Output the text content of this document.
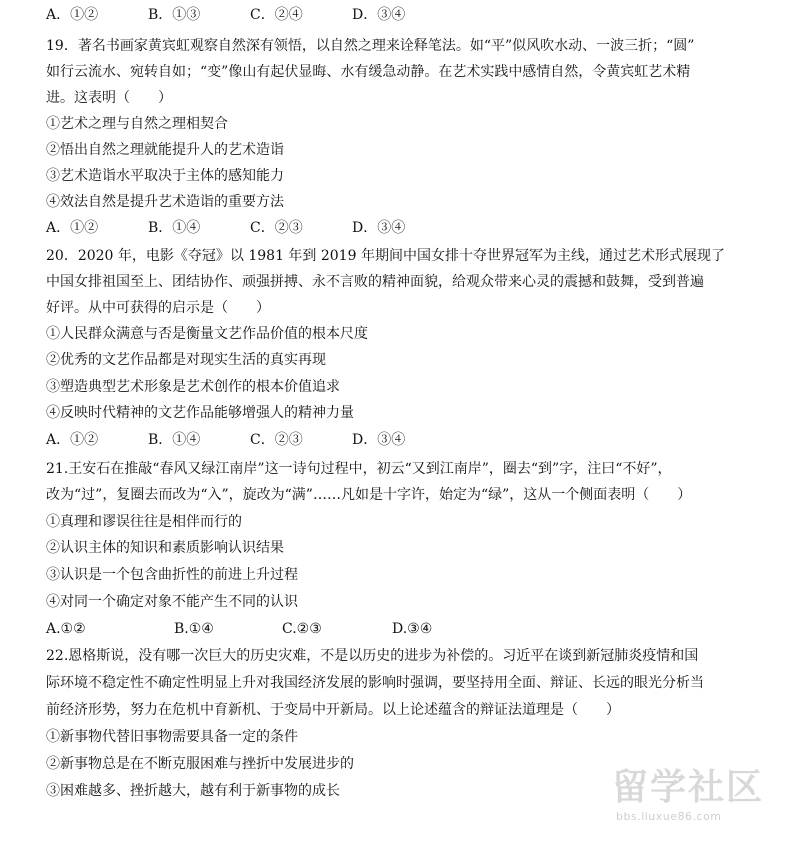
A．①②	B．①③	C．②④	D．③④
19．著名书画家黄宾虹观察自然深有领悟，以自然之理来诠释笔法。如“平”似风吹水动、一波三折；“圆”
如行云流水、宛转自如；“变”像山有起伏显晦、水有缓急动静。在艺术实践中感情自然，令黄宾虹艺术精
进。这表明（　　）
①艺术之理与自然之理相契合
②悟出自然之理就能提升人的艺术造诣
③艺术造诣水平取决于主体的感知能力
④效法自然是提升艺术造诣的重要方法
A．①②	B．①④	C．②③	D．③④
20．2020 年，电影《夺冠》以 1981 年到 2019 年期间中国女排十夺世界冠军为主线，通过艺术形式展现了
中国女排祖国至上、团结协作、顽强拼搏、永不言败的精神面貌，给观众带来心灵的震撼和鼓舞，受到普遍
好评。从中可获得的启示是（　　）
①人民群众满意与否是衡量文艺作品价值的根本尺度
②优秀的文艺作品都是对现实生活的真实再现
③塑造典型艺术形象是艺术创作的根本价值追求
④反映时代精神的文艺作品能够增强人的精神力量
A．①②	B．①④	C．②③	D．③④
21.王安石在推敲“春风又绿江南岸”这一诗句过程中，初云“又到江南岸”，圈去“到”字，注曰“不好”，
改为“过”，复圈去而改为“入”，旋改为“满”……凡如是十字许，始定为“绿”，这从一个侧面表明（　　）
①真理和谬误往往是相伴而行的
②认识主体的知识和素质影响认识结果
③认识是一个包含曲折性的前进上升过程
④对同一个确定对象不能产生不同的认识
A.①②	B.①④	C.②③	D.③④
22.恩格斯说，没有哪一次巨大的历史灾难，不是以历史的进步为补偿的。习近平在谈到新冠肺炎疫情和国
际环境不稳定性不确定性明显上升对我国经济发展的影响时强调，要坚持用全面、辩证、长远的眼光分析当
前经济形势，努力在危机中育新机、于变局中开新局。以上论述蕴含的辩证法道理是（　　）
①新事物代替旧事物需要具备一定的条件
②新事物总是在不断克服困难与挫折中发展进步的
③困难越多、挫折越大，越有利于新事物的成长	留学社区
bbs.liuxue86.com
